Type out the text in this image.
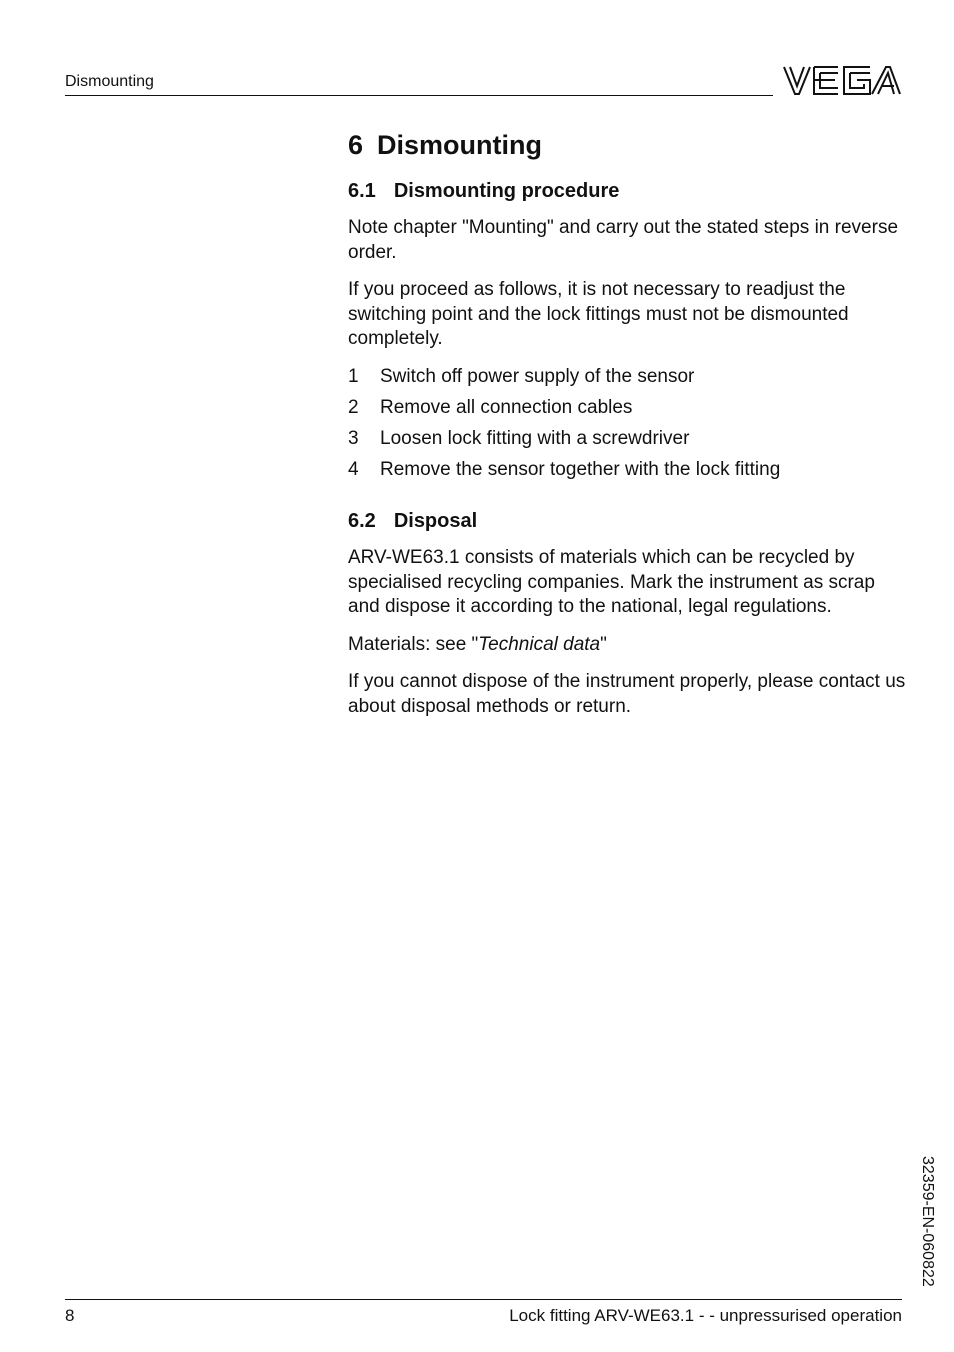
Dismounting
6 Dismounting
6.1 Dismounting procedure

Note chapter "Mounting" and carry out the stated steps in reverse order.

If you proceed as follows, it is not necessary to readjust the switching point and the lock fittings must not be dismounted completely.

1	Switch off power supply of the sensor
2	Remove all connection cables
3	Loosen lock fitting with a screwdriver
4	Remove the sensor together with the lock fitting
6.2 Disposal

ARV-WE63.1 consists of materials which can be recycled by specialised recycling companies. Mark the instrument as scrap and dispose it according to the national, legal regulations.

Materials: see "Technical data"

If you cannot dispose of the instrument properly, please contact us about disposal methods or return.

32359-EN-060822
8	Lock fitting ARV-WE63.1 - - unpressurised operation
